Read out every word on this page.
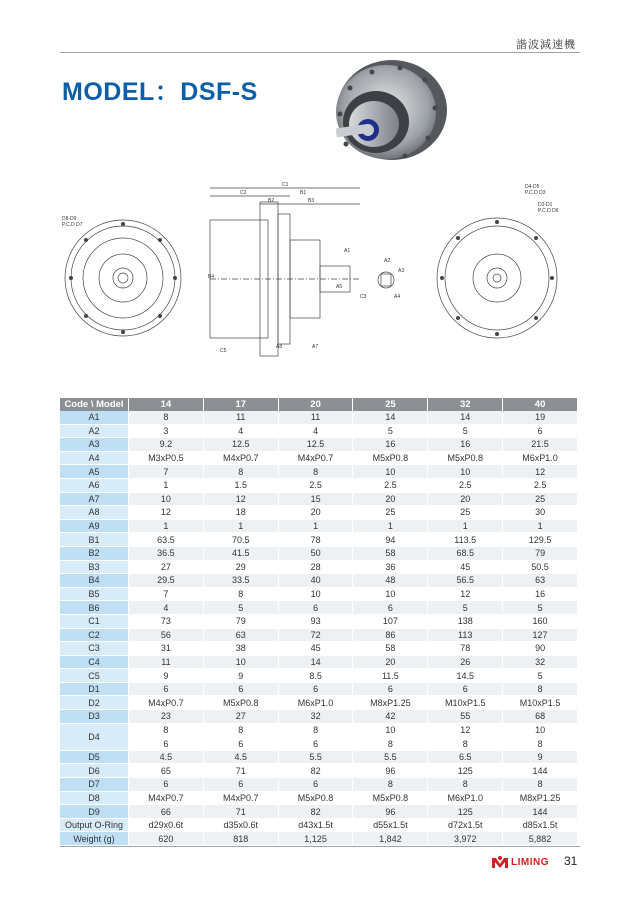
諧波減速機
MODEL：DSF-S
D8-D9
P.C.D D7
D4-D5
P.C.D D3
D2-D1
P.C.D D6
C1
C2	B1
B2	B3
A1
A2
A3
A4
A5
A7
A8
B4
C3
C5
Code \ Model	14	17	20	25	32	40
A1	8	11	11	14	14	19
A2	3	4	4	5	5	6
A3	9.2	12.5	12.5	16	16	21.5
A4	M3xP0.5	M4xP0.7	M4xP0.7	M5xP0.8	M5xP0.8	M6xP1.0
A5	7	8	8	10	10	12
A6	1	1.5	2.5	2.5	2.5	2.5
A7	10	12	15	20	20	25
A8	12	18	20	25	25	30
A9	1	1	1	1	1	1
B1	63.5	70.5	78	94	113.5	129.5
B2	36.5	41.5	50	58	68.5	79
B3	27	29	28	36	45	50.5
B4	29.5	33.5	40	48	56.5	63
B5	7	8	10	10	12	16
B6	4	5	6	6	5	5
C1	73	79	93	107	138	160
C2	56	63	72	86	113	127
C3	31	38	45	58	78	90
C4	11	10	14	20	26	32
C5	9	9	8.5	11.5	14.5	5
D1	6	6	6	6	6	8
D2	M4xP0.7	M5xP0.8	M6xP1.0	M8xP1.25	M10xP1.5	M10xP1.5
D3	23	27	32	42	55	68
D4	8	8	8	10	12	10
	6	6	6	8	8	8
D5	4.5	4.5	5.5	5.5	6.5	9
D6	65	71	82	96	125	144
D7	6	6	6	8	8	8
D8	M4xP0.7	M4xP0.7	M5xP0.8	M5xP0.8	M6xP1.0	M8xP1.25
D9	66	71	82	96	125	144
Output O-Ring	d29x0.6t	d35x0.6t	d43x1.5t	d55x1.5t	d72x1.5t	d85x1.5t
Weight (g)	620	818	1,125	1,842	3,972	5,882
LIMING 31
